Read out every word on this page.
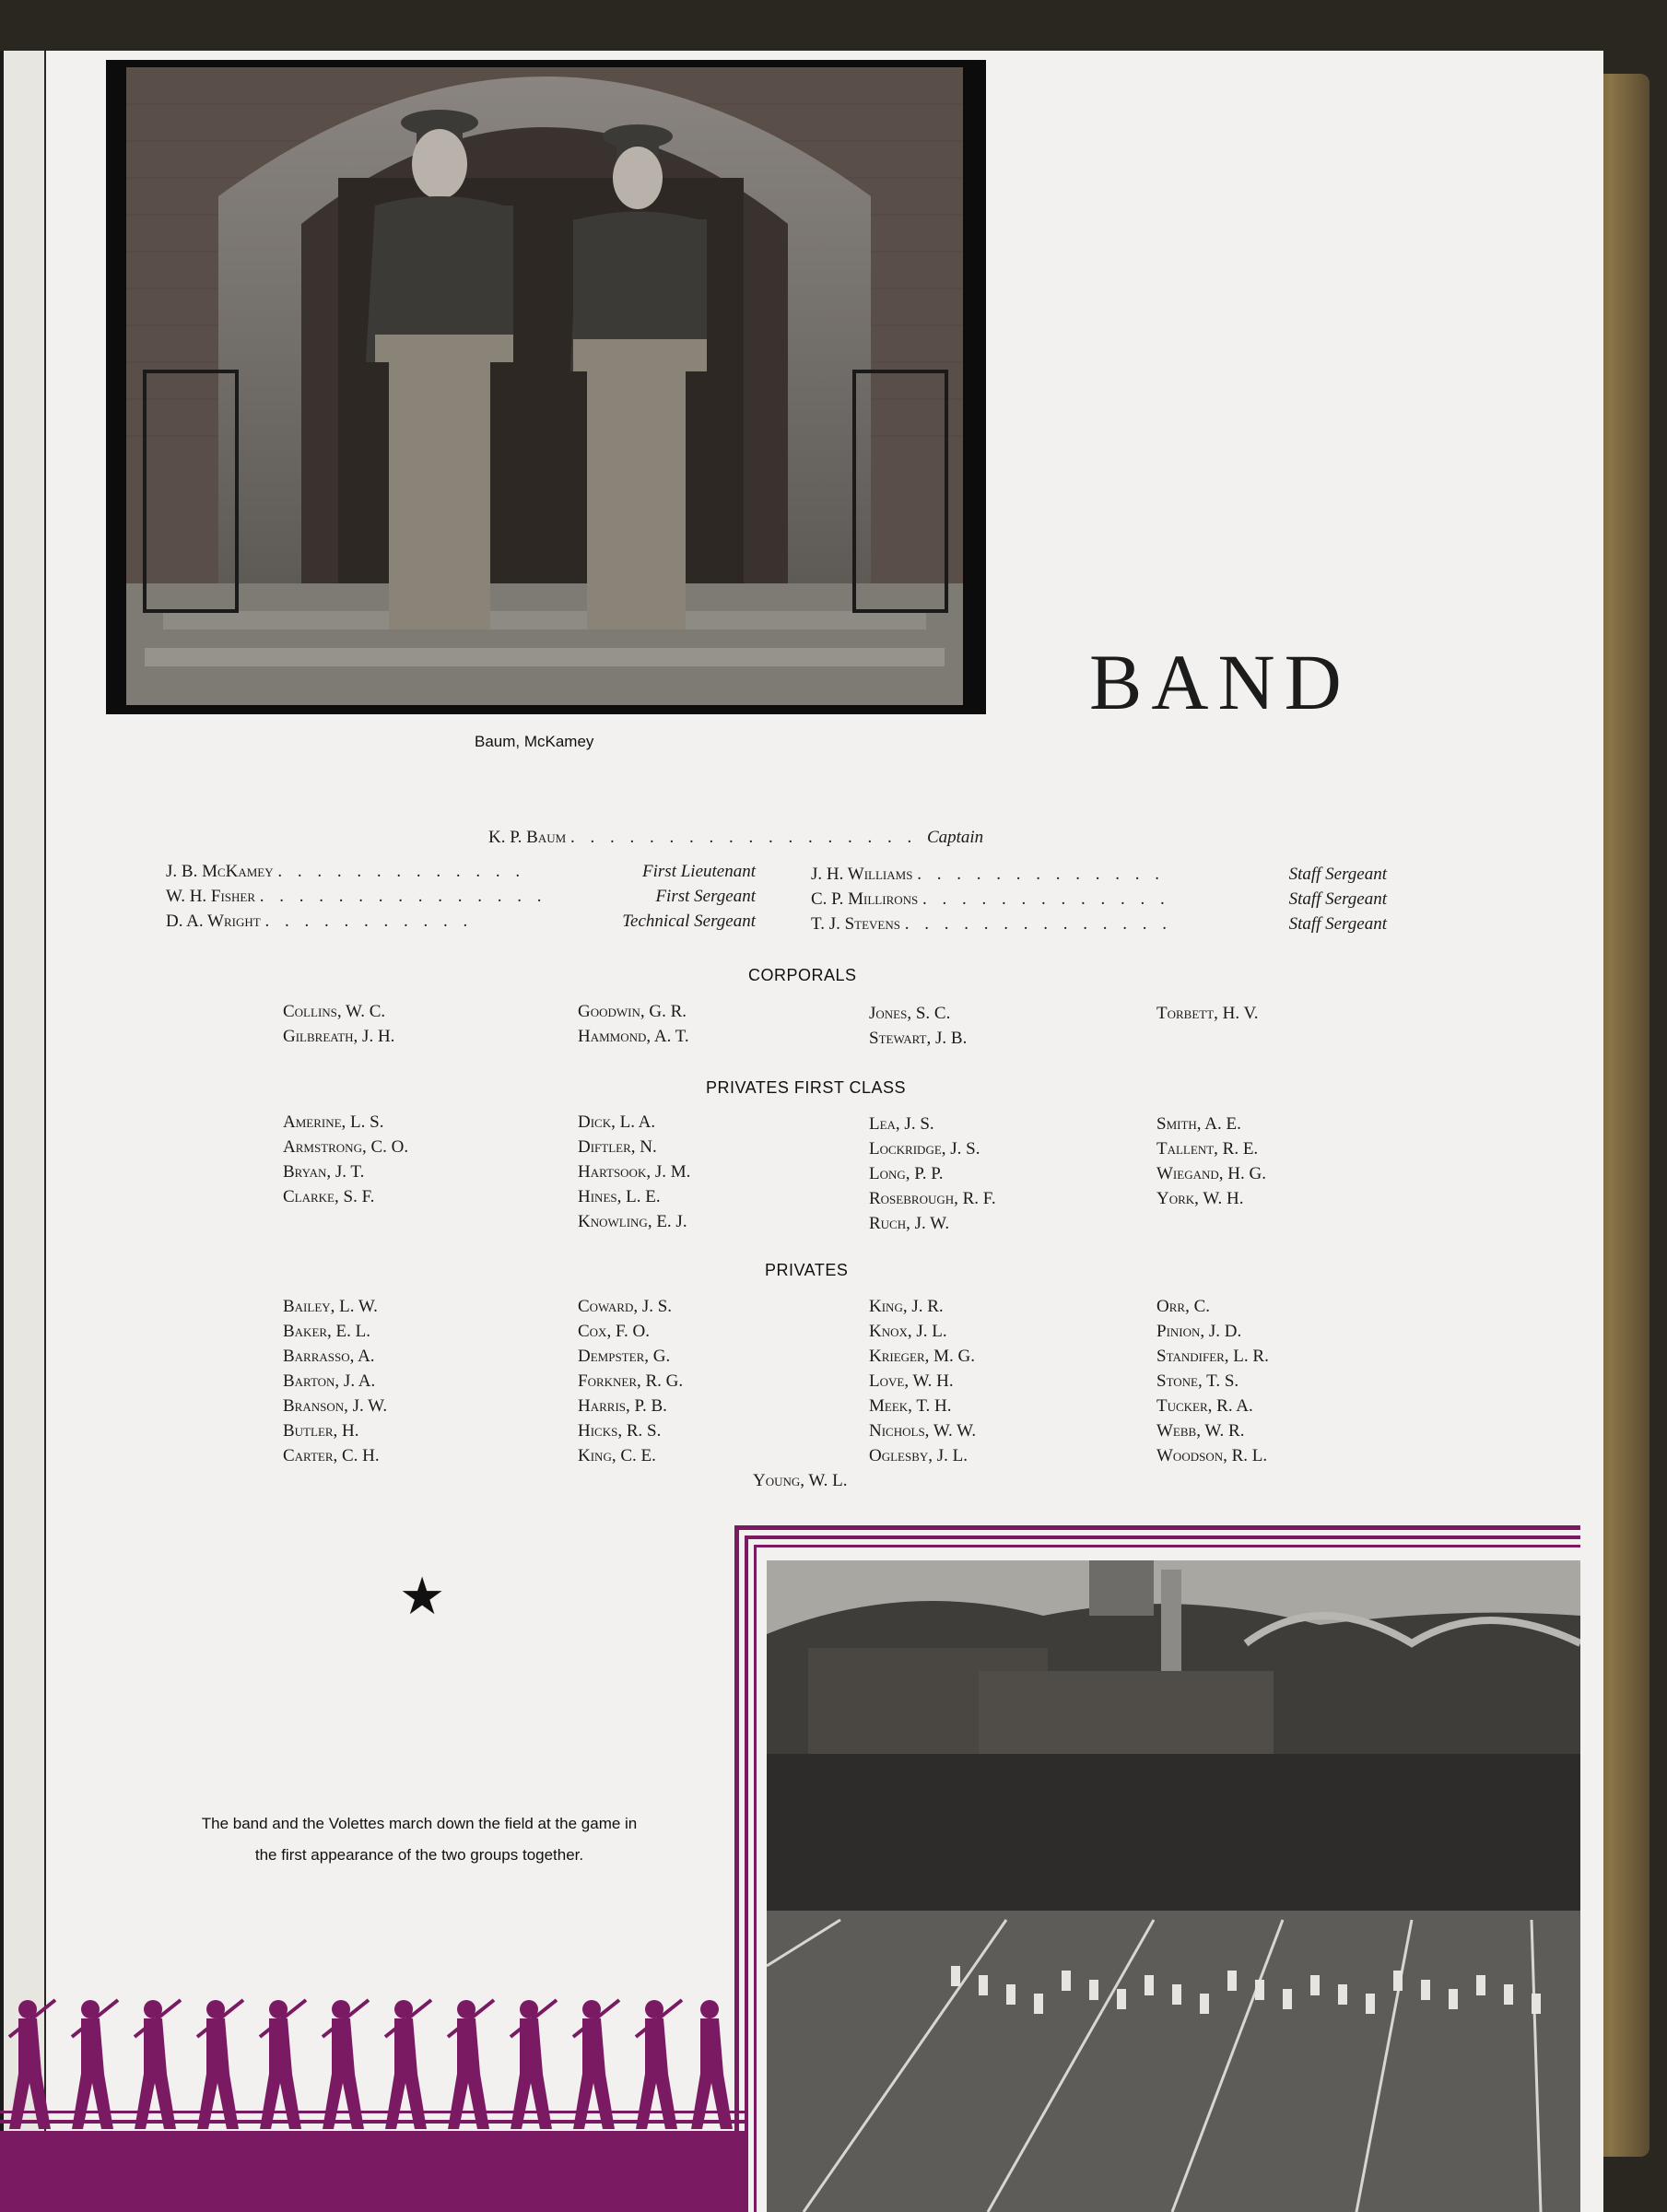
Baum, McKamey
BAND
K. P. Baum . . . . . . . . . . . . . . . . . . Captain
J. B. McKamey . . . . . . . . . . . . .	First Lieutenant
W. H. Fisher . . . . . . . . . . . . . . .	First Sergeant
D. A. Wright . . . . . . . . . . .	Technical Sergeant
J. H. Williams . . . . . . . . . . . . .	Staff Sergeant
C. P. Millirons . . . . . . . . . . . . .	Staff Sergeant
T. J. Stevens . . . . . . . . . . . . . .	Staff Sergeant
CORPORALS
Collins, W. C.
Gilbreath, J. H.
Goodwin, G. R.
Hammond, A. T.
Jones, S. C.
Stewart, J. B.
Torbett, H. V.
PRIVATES FIRST CLASS
Amerine, L. S.
Armstrong, C. O.
Bryan, J. T.
Clarke, S. F.
Dick, L. A.
Diftler, N.
Hartsook, J. M.
Hines, L. E.
Knowling, E. J.
Lea, J. S.
Lockridge, J. S.
Long, P. P.
Rosebrough, R. F.
Ruch, J. W.
Smith, A. E.
Tallent, R. E.
Wiegand, H. G.
York, W. H.
PRIVATES
Bailey, L. W.
Baker, E. L.
Barrasso, A.
Barton, J. A.
Branson, J. W.
Butler, H.
Carter, C. H.
Coward, J. S.
Cox, F. O.
Dempster, G.
Forkner, R. G.
Harris, P. B.
Hicks, R. S.
King, C. E.
King, J. R.
Knox, J. L.
Krieger, M. G.
Love, W. H.
Meek, T. H.
Nichols, W. W.
Oglesby, J. L.
Orr, C.
Pinion, J. D.
Standifer, L. R.
Stone, T. S.
Tucker, R. A.
Webb, W. R.
Woodson, R. L.
Young, W. L.
★
The band and the Volettes march down the field at the game in the first appearance of the two groups together.
